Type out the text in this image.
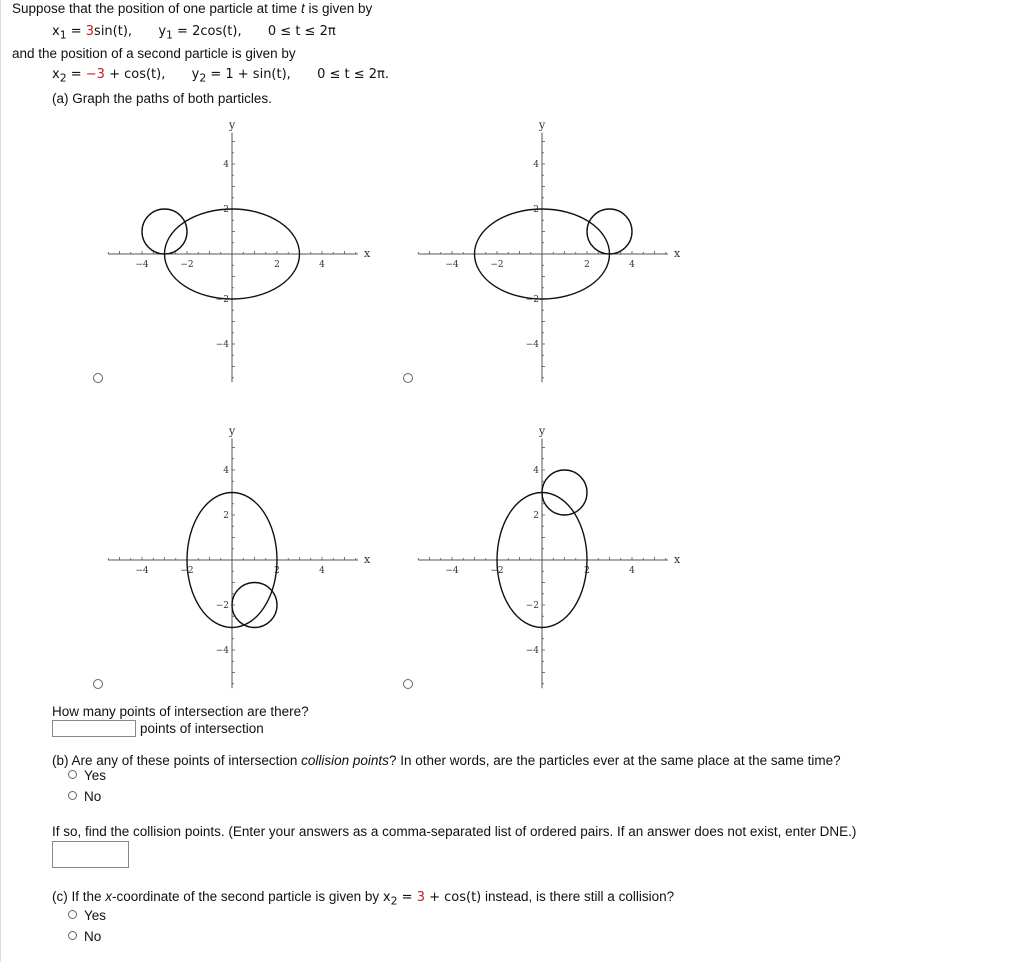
Suppose that the position of one particle at time t is given by
$x_1 = 3\sin(t)$, $y_1 = 2\cos(t)$, 0 ≤ t ≤ 2π
and the position of a second particle is given by
$x_2 = -3 + \cos(t)$, $y_2 = 1 + \sin(t)$, 0 ≤ t ≤ 2π.
(a) Graph the paths of both particles.
−4
−4
−2
−2
2
2
4
4
x
y
−4
−4
−2
−2
2
2
4
4
x
y
−4
−4
−2
−2
2
2
4
4
x
y
−4
−4
−2
−2
2
2
4
4
x
y
How many points of intersection are there?
points of intersection
(b) Are any of these points of intersection collision points? In other words, are the particles ever at the same place at the same time?
Yes
No
If so, find the collision points. (Enter your answers as a comma-separated list of ordered pairs. If an answer does not exist, enter DNE.)
(c) If the x-coordinate of the second particle is given by $x_2 = 3 + \cos(t)$ instead, is there still a collision?
Yes
No
